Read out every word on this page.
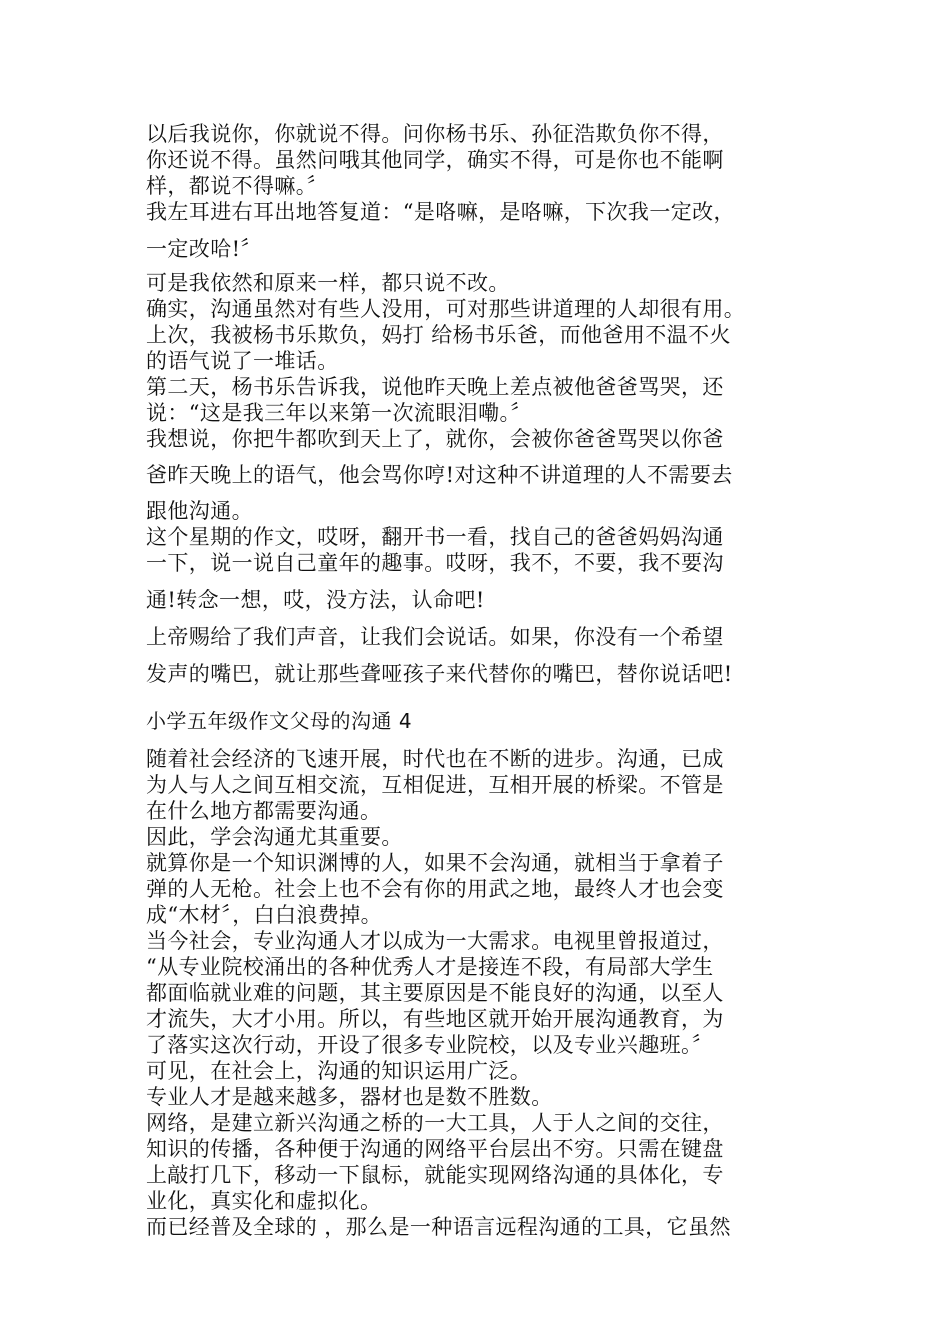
以后我说你，你就说不得。问你杨书乐、孙征浩欺负你不得，

你还说不得。虽然问哦其他同学，确实不得，可是你也不能啊

样，都说不得嘛。〞

我左耳进右耳出地答复道：“是咯嘛，是咯嘛，下次我一定改，

一定改哈!〞

可是我依然和原来一样，都只说不改。

确实，沟通虽然对有些人没用，可对那些讲道理的人却很有用。

上次，我被杨书乐欺负，妈打 给杨书乐爸，而他爸用不温不火

的语气说了一堆话。

第二天，杨书乐告诉我，说他昨天晚上差点被他爸爸骂哭，还

说：“这是我三年以来第一次流眼泪嘞。〞

我想说，你把牛都吹到天上了，就你，会被你爸爸骂哭以你爸

爸昨天晚上的语气，他会骂你哼!对这种不讲道理的人不需要去

跟他沟通。

这个星期的作文，哎呀，翻开书一看，找自己的爸爸妈妈沟通

一下，说一说自己童年的趣事。哎呀，我不，不要，我不要沟

通!转念一想，哎，没方法，认命吧!

上帝赐给了我们声音，让我们会说话。如果，你没有一个希望

发声的嘴巴，就让那些聋哑孩子来代替你的嘴巴，替你说话吧!

小学五年级作文父母的沟通 4

随着社会经济的飞速开展，时代也在不断的进步。沟通，已成

为人与人之间互相交流，互相促进，互相开展的桥梁。不管是

在什么地方都需要沟通。

因此，学会沟通尤其重要。

就算你是一个知识渊博的人，如果不会沟通，就相当于拿着子

弹的人无枪。社会上也不会有你的用武之地，最终人才也会变

成“木材〞，白白浪费掉。

当今社会，专业沟通人才以成为一大需求。电视里曾报道过，

“从专业院校涌出的各种优秀人才是接连不段，有局部大学生

都面临就业难的问题，其主要原因是不能良好的沟通，以至人

才流失，大才小用。所以，有些地区就开始开展沟通教育，为

了落实这次行动，开设了很多专业院校，以及专业兴趣班。〞

可见，在社会上，沟通的知识运用广泛。

专业人才是越来越多，器材也是数不胜数。

网络，是建立新兴沟通之桥的一大工具，人于人之间的交往，

知识的传播，各种便于沟通的网络平台层出不穷。只需在键盘

上敲打几下，移动一下鼠标，就能实现网络沟通的具体化，专

业化，真实化和虚拟化。

而已经普及全球的 ，那么是一种语言远程沟通的工具，它虽然
